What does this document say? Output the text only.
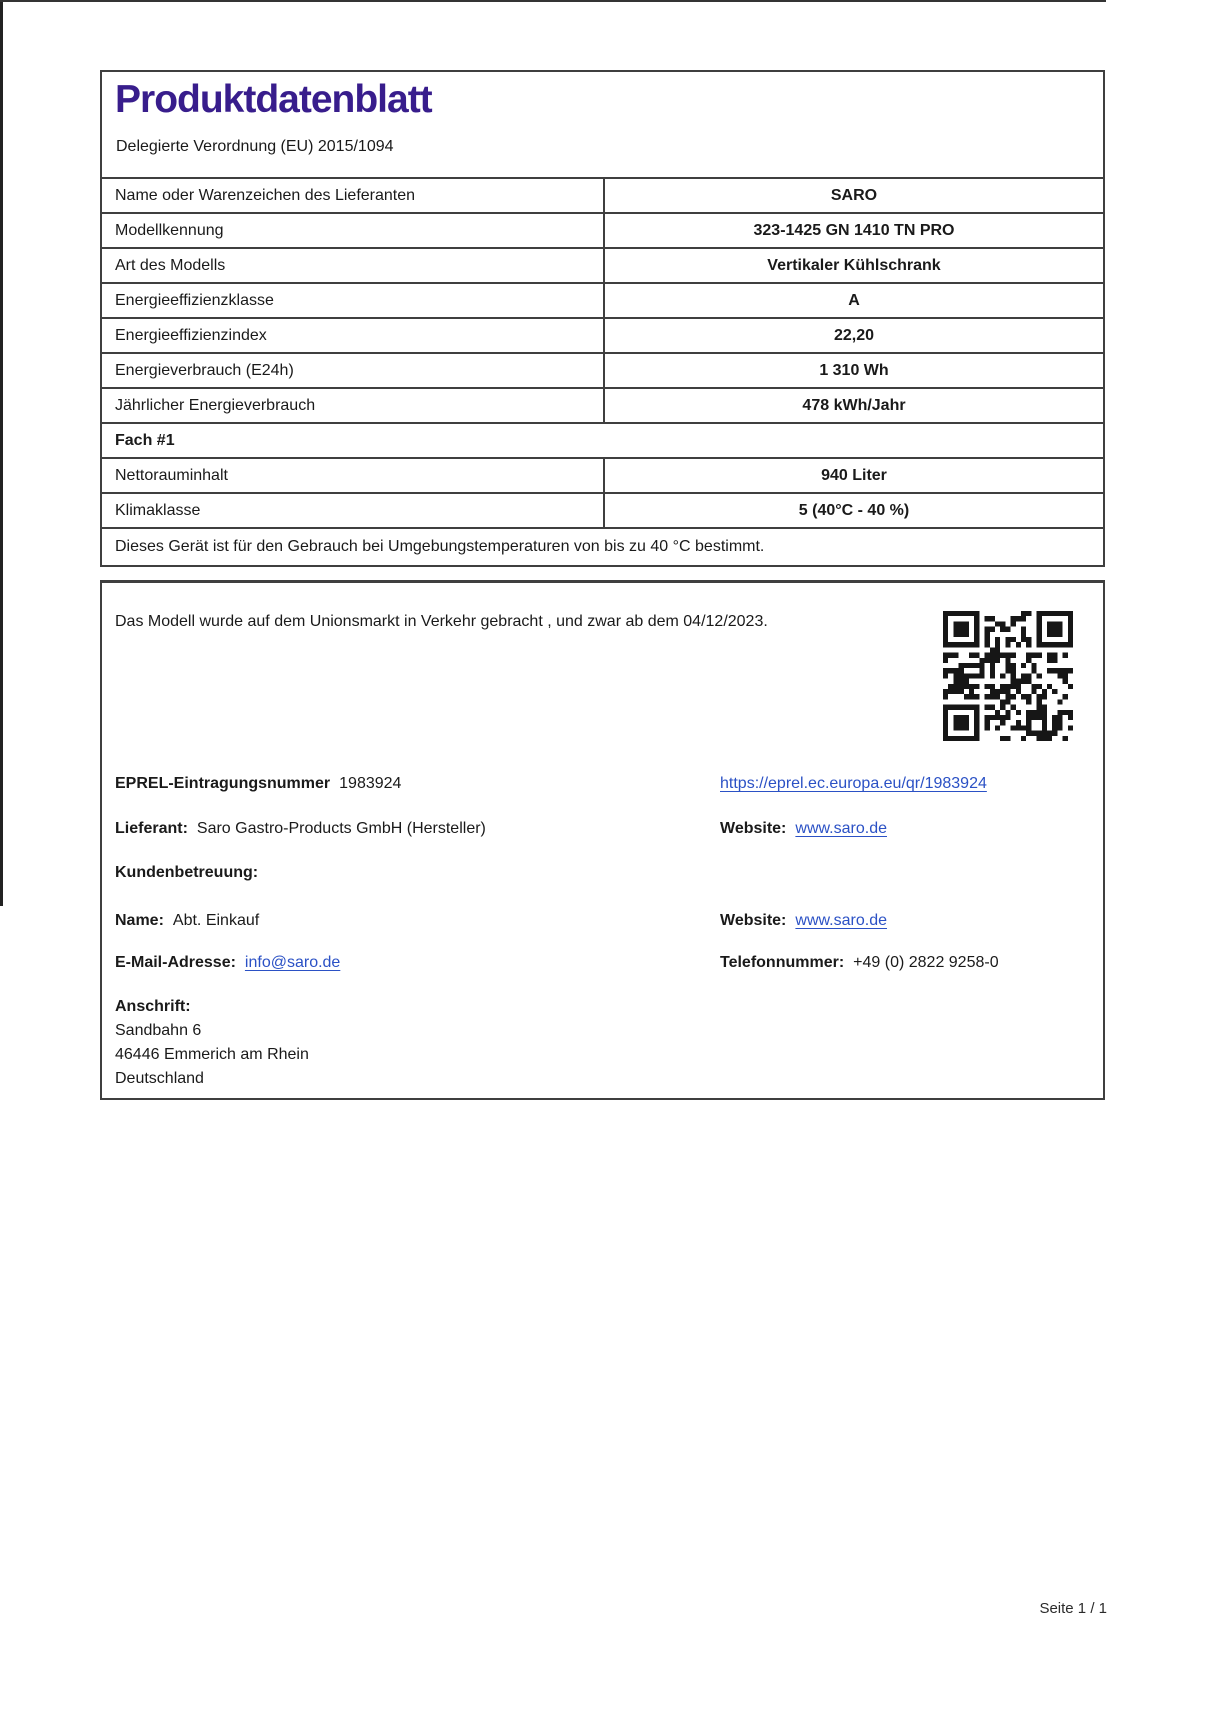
Produktdatenblatt
Delegierte Verordnung (EU) 2015/1094
Name oder Warenzeichen des Lieferanten	SARO
Modellkennung	323-1425 GN 1410 TN PRO
Art des Modells	Vertikaler Kühlschrank
Energieeffizienzklasse	A
Energieeffizienzindex	22,20
Energieverbrauch (E24h)	1 310 Wh
Jährlicher Energieverbrauch	478 kWh/Jahr
Fach #1
Nettorauminhalt	940 Liter
Klimaklasse	5 (40°C - 40 %)
Dieses Gerät ist für den Gebrauch bei Umgebungstemperaturen von bis zu 40 °C bestimmt.
Das Modell wurde auf dem Unionsmarkt in Verkehr gebracht , und zwar ab dem 04/12/2023.
EPREL-Eintragungsnummer 1983924	https://eprel.ec.europa.eu/qr/1983924
Lieferant: Saro Gastro-Products GmbH (Hersteller)	Website: www.saro.de
Kundenbetreuung:
Name: Abt. Einkauf	Website: www.saro.de
E-Mail-Adresse: info@saro.de	Telefonnummer: +49 (0) 2822 9258-0
Anschrift:
Sandbahn 6
46446 Emmerich am Rhein
Deutschland
Seite 1 / 1
